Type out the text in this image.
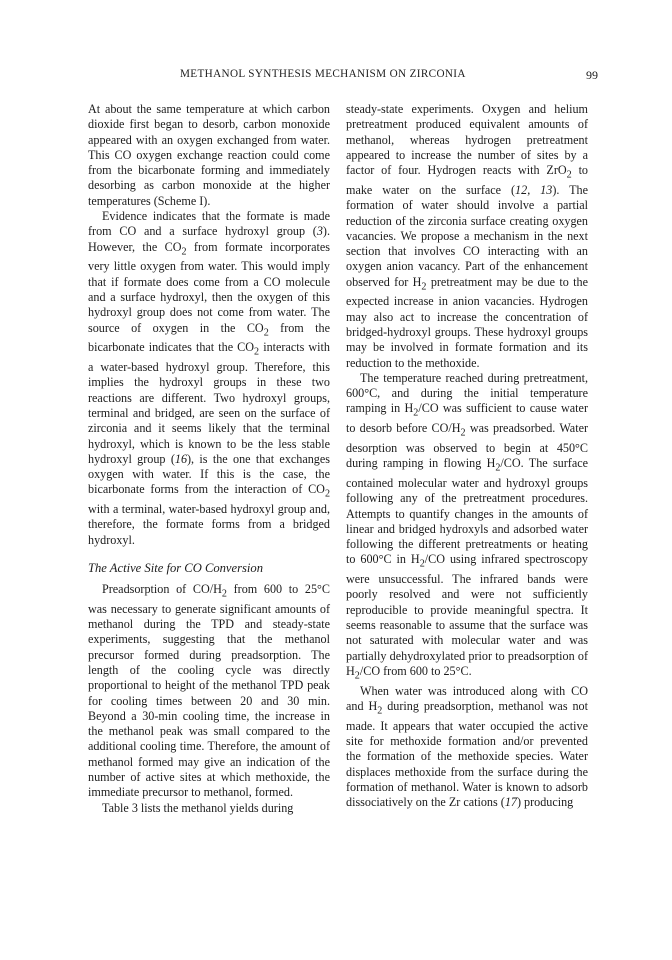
METHANOL SYNTHESIS MECHANISM ON ZIRCONIA	99

At about the same temperature at which carbon dioxide first began to desorb, carbon monoxide appeared with an oxygen exchanged from water. This CO oxygen exchange reaction could come from the bicarbonate forming and immediately desorbing as carbon monoxide at the higher temperatures (Scheme I).

Evidence indicates that the formate is made from CO and a surface hydroxyl group (3). However, the $CO_2$ from formate incorporates very little oxygen from water. This would imply that if formate does come from a CO molecule and a surface hydroxyl, then the oxygen of this hydroxyl group does not come from water. The source of oxygen in the $CO_2$ from the bicarbonate indicates that the $CO_2$ interacts with a water-based hydroxyl group. Therefore, this implies the hydroxyl groups in these two reactions are different. Two hydroxyl groups, terminal and bridged, are seen on the surface of zirconia and it seems likely that the terminal hydroxyl, which is known to be the less stable hydroxyl group (16), is the one that exchanges oxygen with water. If this is the case, the bicarbonate forms from the interaction of $CO_2$ with a terminal, water-based hydroxyl group and, therefore, the formate forms from a bridged hydroxyl.

The Active Site for CO Conversion

Preadsorption of $CO/H_2$ from 600 to 25°C was necessary to generate significant amounts of methanol during the TPD and steady-state experiments, suggesting that the methanol precursor formed during preadsorption. The length of the cooling cycle was directly proportional to height of the methanol TPD peak for cooling times between 20 and 30 min. Beyond a 30-min cooling time, the increase in the methanol peak was small compared to the additional cooling time. Therefore, the amount of methanol formed may give an indication of the number of active sites at which methoxide, the immediate precursor to methanol, formed.

Table 3 lists the methanol yields during

steady-state experiments. Oxygen and helium pretreatment produced equivalent amounts of methanol, whereas hydrogen pretreatment appeared to increase the number of sites by a factor of four. Hydrogen reacts with ZrO$_2$ to make water on the surface (12, 13). The formation of water should involve a partial reduction of the zirconia surface creating oxygen vacancies. We propose a mechanism in the next section that involves CO interacting with an oxygen anion vacancy. Part of the enhancement observed for $H_2$ pretreatment may be due to the expected increase in anion vacancies. Hydrogen may also act to increase the concentration of bridged-hydroxyl groups. These hydroxyl groups may be involved in formate formation and its reduction to the methoxide.

The temperature reached during pretreatment, 600°C, and during the initial temperature ramping in $H_2/CO$ was sufficient to cause water to desorb before $CO/H_2$ was preadsorbed. Water desorption was observed to begin at 450°C during ramping in flowing $H_2/CO$. The surface contained molecular water and hydroxyl groups following any of the pretreatment procedures. Attempts to quantify changes in the amounts of linear and bridged hydroxyls and adsorbed water following the different pretreatments or heating to 600°C in $H_2/CO$ using infrared spectroscopy were unsuccessful. The infrared bands were poorly resolved and were not sufficiently reproducible to provide meaningful spectra. It seems reasonable to assume that the surface was not saturated with molecular water and was partially dehydroxylated prior to preadsorption of $H_2/CO$ from 600 to 25°C.

When water was introduced along with CO and $H_2$ during preadsorption, methanol was not made. It appears that water occupied the active site for methoxide formation and/or prevented the formation of the methoxide species. Water displaces methoxide from the surface during the formation of methanol. Water is known to adsorb dissociatively on the Zr cations (17) producing
